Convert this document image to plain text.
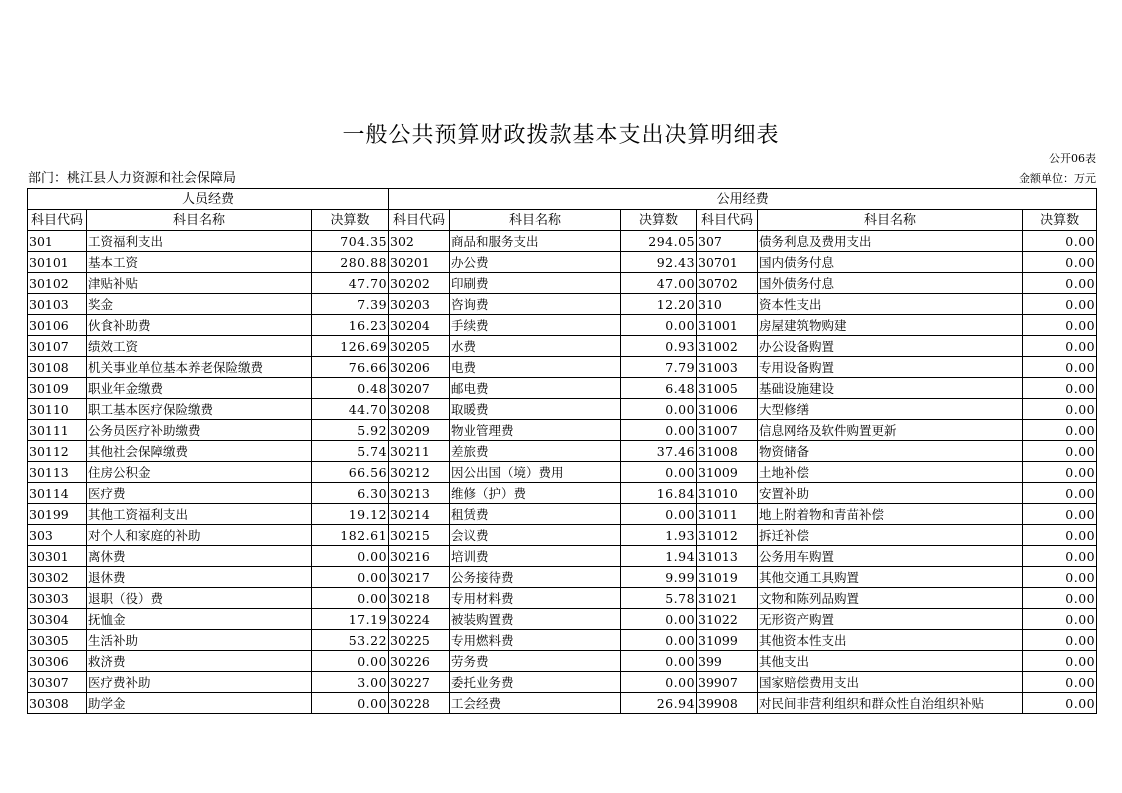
一般公共预算财政拨款基本支出决算明细表
公开06表
部门：桃江县人力资源和社会保障局	金额单位：万元
人员经费			公用经费					
科目代码	科目名称	决算数	科目代码	科目名称	决算数	科目代码	科目名称	决算数
301	工资福利支出	704.35	302	商品和服务支出	294.05	307	债务利息及费用支出	0.00
30101	基本工资	280.88	30201	办公费	92.43	30701	国内债务付息	0.00
30102	津贴补贴	47.70	30202	印刷费	47.00	30702	国外债务付息	0.00
30103	奖金	7.39	30203	咨询费	12.20	310	资本性支出	0.00
30106	伙食补助费	16.23	30204	手续费	0.00	31001	房屋建筑物购建	0.00
30107	绩效工资	126.69	30205	水费	0.93	31002	办公设备购置	0.00
30108	机关事业单位基本养老保险缴费	76.66	30206	电费	7.79	31003	专用设备购置	0.00
30109	职业年金缴费	0.48	30207	邮电费	6.48	31005	基础设施建设	0.00
30110	职工基本医疗保险缴费	44.70	30208	取暖费	0.00	31006	大型修缮	0.00
30111	公务员医疗补助缴费	5.92	30209	物业管理费	0.00	31007	信息网络及软件购置更新	0.00
30112	其他社会保障缴费	5.74	30211	差旅费	37.46	31008	物资储备	0.00
30113	住房公积金	66.56	30212	因公出国（境）费用	0.00	31009	土地补偿	0.00
30114	医疗费	6.30	30213	维修（护）费	16.84	31010	安置补助	0.00
30199	其他工资福利支出	19.12	30214	租赁费	0.00	31011	地上附着物和青苗补偿	0.00
303	对个人和家庭的补助	182.61	30215	会议费	1.93	31012	拆迁补偿	0.00
30301	离休费	0.00	30216	培训费	1.94	31013	公务用车购置	0.00
30302	退休费	0.00	30217	公务接待费	9.99	31019	其他交通工具购置	0.00
30303	退职（役）费	0.00	30218	专用材料费	5.78	31021	文物和陈列品购置	0.00
30304	抚恤金	17.19	30224	被装购置费	0.00	31022	无形资产购置	0.00
30305	生活补助	53.22	30225	专用燃料费	0.00	31099	其他资本性支出	0.00
30306	救济费	0.00	30226	劳务费	0.00	399	其他支出	0.00
30307	医疗费补助	3.00	30227	委托业务费	0.00	39907	国家赔偿费用支出	0.00
30308	助学金	0.00	30228	工会经费	26.94	39908	对民间非营利组织和群众性自治组织补贴	0.00
